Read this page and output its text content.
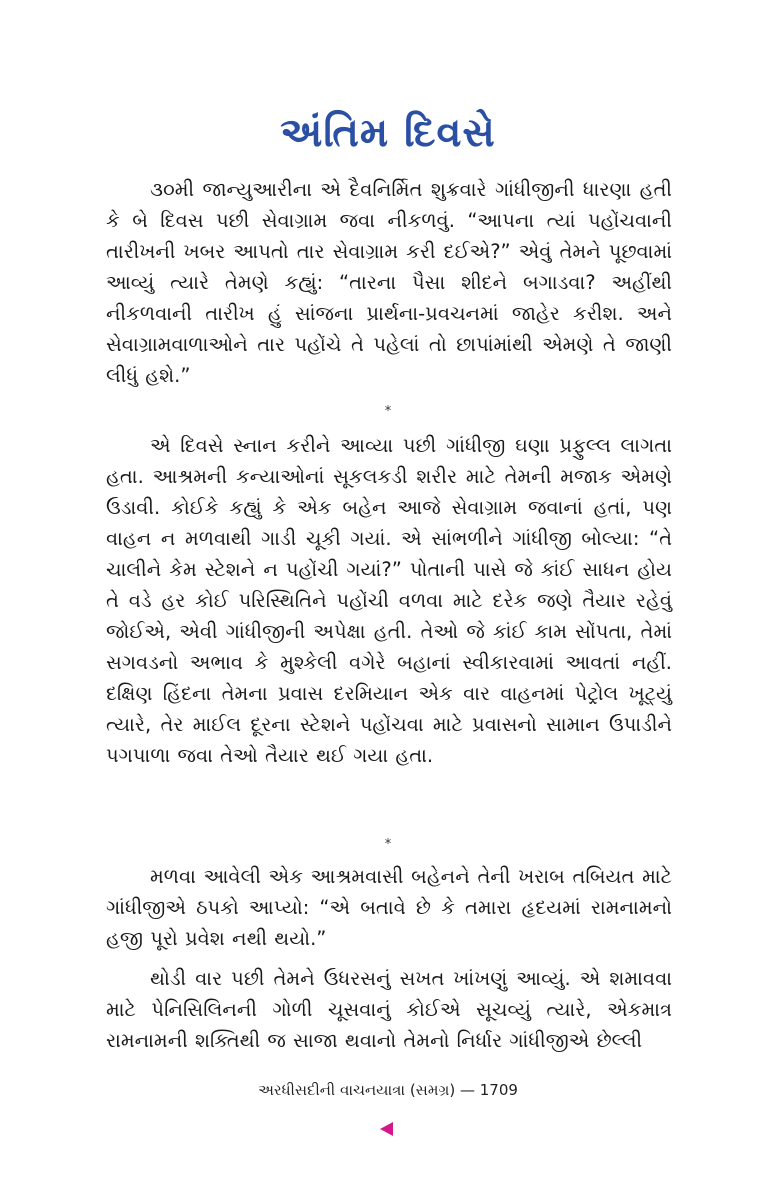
અંતિમ દિવસે

૩૦મી જાન્યુઆરીના એ દૈવનિર્મિત શુક્રવારે ગાંધીજીની ધારણા હતી કે બે દિવસ પછી સેવાગ્રામ જવા નીકળવું. “આપના ત્યાં પહોંચવાની તારીખની ખબર આપતો તાર સેવાગ્રામ કરી દઈએ?” એવું તેમને પૂછવામાં આવ્યું ત્યારે તેમણે કહ્યું: “તારના પૈસા શીદને બગાડવા? અહીંથી નીકળવાની તારીખ હું સાંજના પ્રાર્થના-પ્રવચનમાં જાહેર કરીશ. અને સેવાગ્રામવાળાઓને તાર પહોંચે તે પહેલાં તો છાપાંમાંથી એમણે તે જાણી લીધું હશે.”

*

એ દિવસે સ્નાન કરીને આવ્યા પછી ગાંધીજી ઘણા પ્રફુલ્લ લાગતા હતા. આશ્રમની કન્યાઓનાં સૂકલકડી શરીર માટે તેમની મજાક એમણે ઉડાવી. કોઈકે કહ્યું કે એક બહેન આજે સેવાગ્રામ જવાનાં હતાં, પણ વાહન ન મળવાથી ગાડી ચૂકી ગયાં. એ સાંભળીને ગાંધીજી બોલ્યા: “તે ચાલીને કેમ સ્ટેશને ન પહોંચી ગયાં?” પોતાની પાસે જે કાંઈ સાધન હોય તે વડે હર કોઈ પરિસ્થિતિને પહોંચી વળવા માટે દરેક જણે તૈયાર રહેવું જોઈએ, એવી ગાંધીજીની અપેક્ષા હતી. તેઓ જે કાંઈ કામ સોંપતા, તેમાં સગવડનો અભાવ કે મુશ્કેલી વગેરે બહાનાં સ્વીકારવામાં આવતાં નહીં. દક્ષિણ હિંદના તેમના પ્રવાસ દરમિયાન એક વાર વાહનમાં પેટ્રોલ ખૂટ્યું ત્યારે, તેર માઈલ દૂરના સ્ટેશને પહોંચવા માટે પ્રવાસનો સામાન ઉપાડીને પગપાળા જવા તેઓ તૈયાર થઈ ગયા હતા.

*

મળવા આવેલી એક આશ્રમવાસી બહેનને તેની ખરાબ તબિયત માટે ગાંધીજીએ ઠપકો આપ્યો: “એ બતાવે છે કે તમારા હૃદયમાં રામનામનો હજી પૂરો પ્રવેશ નથી થયો.”

થોડી વાર પછી તેમને ઉધરસનું સખત ખાંખણું આવ્યું. એ શમાવવા માટે પેનિસિલિનની ગોળી ચૂસવાનું કોઈએ સૂચવ્યું ત્યારે, એકમાત્ર રામનામની શક્તિથી જ સાજા થવાનો તેમનો નિર્ધાર ગાંધીજીએ છેલ્લી

અરધીસદીની વાચનયાત્રા (સમગ્ર) — 1709
